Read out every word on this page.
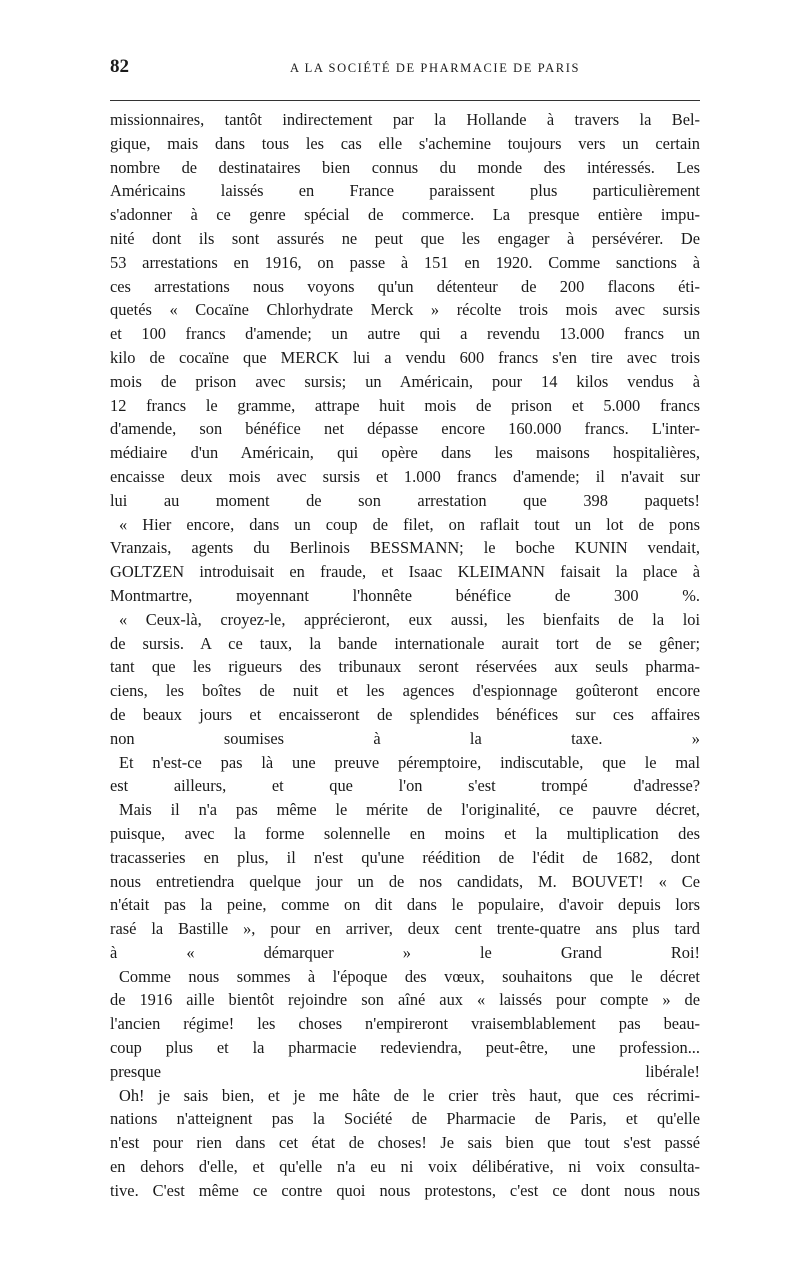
82	A LA SOCIÉTÉ DE PHARMACIE DE PARIS
missionnaires, tantôt indirectement par la Hollande à travers la Bel-
gique, mais dans tous les cas elle s'achemine toujours vers un certain
nombre de destinataires bien connus du monde des intéressés. Les
Américains laissés en France paraissent plus particulièrement
s'adonner à ce genre spécial de commerce. La presque entière impu-
nité dont ils sont assurés ne peut que les engager à persévérer. De
53 arrestations en 1916, on passe à 151 en 1920. Comme sanctions à
ces arrestations nous voyons qu'un détenteur de 200 flacons éti-
quetés « Cocaïne Chlorhydrate Merck » récolte trois mois avec sursis
et 100 francs d'amende; un autre qui a revendu 13.000 francs un
kilo de cocaïne que MERCK lui a vendu 600 francs s'en tire avec trois
mois de prison avec sursis; un Américain, pour 14 kilos vendus à
12 francs le gramme, attrape huit mois de prison et 5.000 francs
d'amende, son bénéfice net dépasse encore 160.000 francs. L'inter-
médiaire d'un Américain, qui opère dans les maisons hospitalières,
encaisse deux mois avec sursis et 1.000 francs d'amende; il n'avait sur
lui au moment de son arrestation que 398 paquets!
« Hier encore, dans un coup de filet, on raflait tout un lot de pons
Vranzais, agents du Berlinois BESSMANN; le boche KUNIN vendait,
GOLTZEN introduisait en fraude, et Isaac KLEIMANN faisait la place à
Montmartre, moyennant l'honnête bénéfice de 300 %.
« Ceux-là, croyez-le, apprécieront, eux aussi, les bienfaits de la loi
de sursis. A ce taux, la bande internationale aurait tort de se gêner;
tant que les rigueurs des tribunaux seront réservées aux seuls pharma-
ciens, les boîtes de nuit et les agences d'espionnage goûteront encore
de beaux jours et encaisseront de splendides bénéfices sur ces affaires
non soumises à la taxe. »
Et n'est-ce pas là une preuve péremptoire, indiscutable, que le mal
est ailleurs, et que l'on s'est trompé d'adresse?
Mais il n'a pas même le mérite de l'originalité, ce pauvre décret,
puisque, avec la forme solennelle en moins et la multiplication des
tracasseries en plus, il n'est qu'une réédition de l'édit de 1682, dont
nous entretiendra quelque jour un de nos candidats, M. BOUVET! « Ce
n'était pas la peine, comme on dit dans le populaire, d'avoir depuis lors
rasé la Bastille », pour en arriver, deux cent trente-quatre ans plus tard
à « démarquer » le Grand Roi!
Comme nous sommes à l'époque des vœux, souhaitons que le décret
de 1916 aille bientôt rejoindre son aîné aux « laissés pour compte » de
l'ancien régime! les choses n'empireront vraisemblablement pas beau-
coup plus et la pharmacie redeviendra, peut-être, une profession...
presque libérale!
Oh! je sais bien, et je me hâte de le crier très haut, que ces récrimi-
nations n'atteignent pas la Société de Pharmacie de Paris, et qu'elle
n'est pour rien dans cet état de choses! Je sais bien que tout s'est passé
en dehors d'elle, et qu'elle n'a eu ni voix délibérative, ni voix consulta-
tive. C'est même ce contre quoi nous protestons, c'est ce dont nous nous
